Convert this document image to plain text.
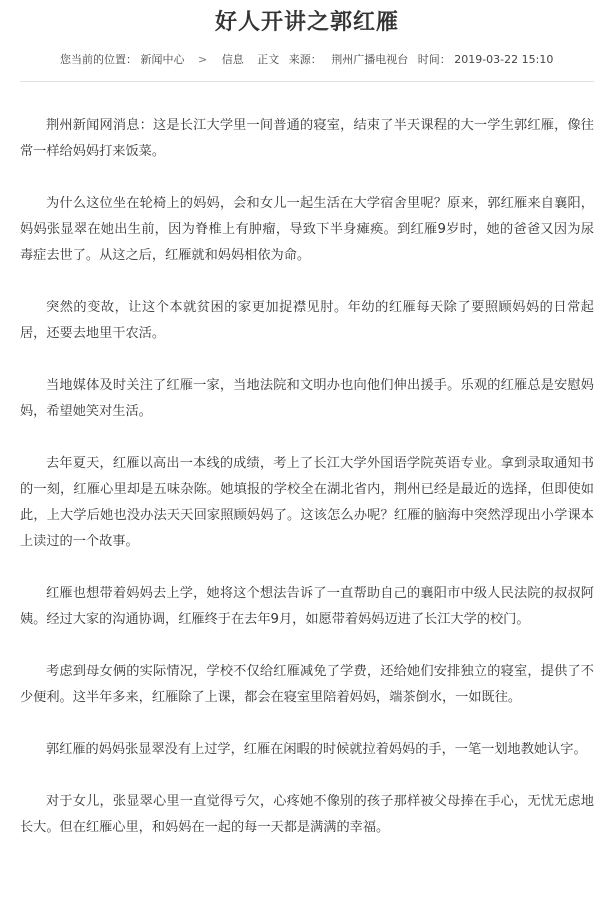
好人开讲之郭红雁
您当前的位置： 新闻中心 > 信息 正文 来源： 荆州广播电视台 时间： 2019-03-22 15:10

荆州新闻网消息：这是长江大学里一间普通的寝室，结束了半天课程的大一学生郭红雁，像往常一样给妈妈打来饭菜。

为什么这位坐在轮椅上的妈妈，会和女儿一起生活在大学宿舍里呢？原来，郭红雁来自襄阳，妈妈张显翠在她出生前，因为脊椎上有肿瘤，导致下半身瘫痪。到红雁9岁时，她的爸爸又因为尿毒症去世了。从这之后，红雁就和妈妈相依为命。

突然的变故，让这个本就贫困的家更加捉襟见肘。年幼的红雁每天除了要照顾妈妈的日常起居，还要去地里干农活。

当地媒体及时关注了红雁一家，当地法院和文明办也向他们伸出援手。乐观的红雁总是安慰妈妈，希望她笑对生活。

去年夏天，红雁以高出一本线的成绩，考上了长江大学外国语学院英语专业。拿到录取通知书的一刻，红雁心里却是五味杂陈。她填报的学校全在湖北省内，荆州已经是最近的选择，但即使如此，上大学后她也没办法天天回家照顾妈妈了。这该怎么办呢？红雁的脑海中突然浮现出小学课本上读过的一个故事。

红雁也想带着妈妈去上学，她将这个想法告诉了一直帮助自己的襄阳市中级人民法院的叔叔阿姨。经过大家的沟通协调，红雁终于在去年9月，如愿带着妈妈迈进了长江大学的校门。

考虑到母女俩的实际情况，学校不仅给红雁减免了学费，还给她们安排独立的寝室，提供了不少便利。这半年多来，红雁除了上课，都会在寝室里陪着妈妈，端茶倒水，一如既往。

郭红雁的妈妈张显翠没有上过学，红雁在闲暇的时候就拉着妈妈的手，一笔一划地教她认字。

对于女儿，张显翠心里一直觉得亏欠，心疼她不像别的孩子那样被父母捧在手心，无忧无虑地长大。但在红雁心里，和妈妈在一起的每一天都是满满的幸福。
